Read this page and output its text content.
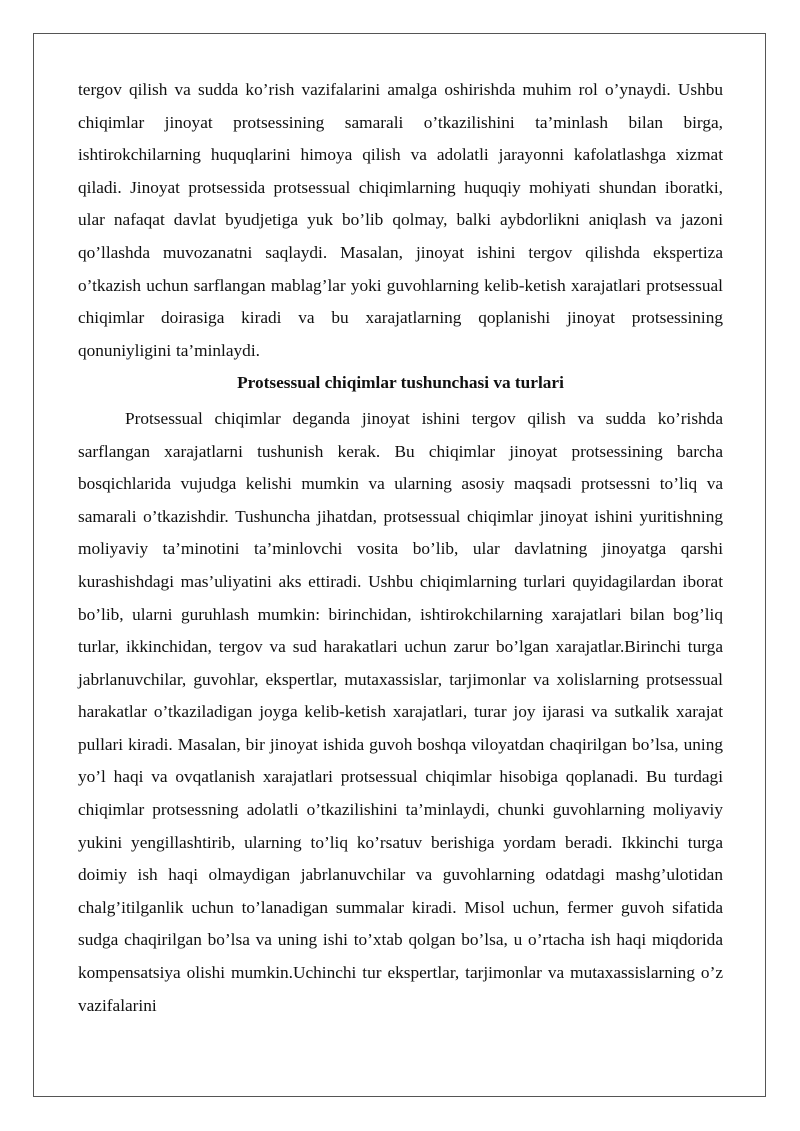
tergov qilish va sudda ko’rish vazifalarini amalga oshirishda muhim rol o’ynaydi. Ushbu chiqimlar jinoyat protsessining samarali o’tkazilishini ta’minlash bilan birga, ishtirokchilarning huquqlarini himoya qilish va adolatli jarayonni kafolatlashga xizmat qiladi. Jinoyat protsessida protsessual chiqimlarning huquqiy mohiyati shundan iboratki, ular nafaqat davlat byudjetiga yuk bo’lib qolmay, balki aybdorlikni aniqlash va jazoni qo’llashda muvozanatni saqlaydi. Masalan, jinoyat ishini tergov qilishda ekspertiza o’tkazish uchun sarflangan mablag’lar yoki guvohlarning kelib-ketish xarajatlari protsessual chiqimlar doirasiga kiradi va bu xarajatlarning qoplanishi jinoyat protsessining qonuniyligini ta’minlaydi.

Protsessual chiqimlar tushunchasi va turlari

Protsessual chiqimlar deganda jinoyat ishini tergov qilish va sudda ko’rishda sarflangan xarajatlarni tushunish kerak. Bu chiqimlar jinoyat protsessining barcha bosqichlarida vujudga kelishi mumkin va ularning asosiy maqsadi protsessni to’liq va samarali o’tkazishdir. Tushuncha jihatdan, protsessual chiqimlar jinoyat ishini yuritishning moliyaviy ta’minotini ta’minlovchi vosita bo’lib, ular davlatning jinoyatga qarshi kurashishdagi mas’uliyatini aks ettiradi. Ushbu chiqimlarning turlari quyidagilardan iborat bo’lib, ularni guruhlash mumkin: birinchidan, ishtirokchilarning xarajatlari bilan bog’liq turlar, ikkinchidan, tergov va sud harakatlari uchun zarur bo’lgan xarajatlar.Birinchi turga jabrlanuvchilar, guvohlar, ekspertlar, mutaxassislar, tarjimonlar va xolislarning protsessual harakatlar o’tkaziladigan joyga kelib-ketish xarajatlari, turar joy ijarasi va sutkalik xarajat pullari kiradi. Masalan, bir jinoyat ishida guvoh boshqa viloyatdan chaqirilgan bo’lsa, uning yo’l haqi va ovqatlanish xarajatlari protsessual chiqimlar hisobiga qoplanadi. Bu turdagi chiqimlar protsessning adolatli o’tkazilishini ta’minlaydi, chunki guvohlarning moliyaviy yukini yengillashtirib, ularning to’liq ko’rsatuv berishiga yordam beradi. Ikkinchi turga doimiy ish haqi olmaydigan jabrlanuvchilar va guvohlarning odatdagi mashg’ulotidan chalg’itilganlik uchun to’lanadigan summalar kiradi. Misol uchun, fermer guvoh sifatida sudga chaqirilgan bo’lsa va uning ishi to’xtab qolgan bo’lsa, u o’rtacha ish haqi miqdorida kompensatsiya olishi mumkin.Uchinchi tur ekspertlar, tarjimonlar va mutaxassislarning o’z vazifalarini
